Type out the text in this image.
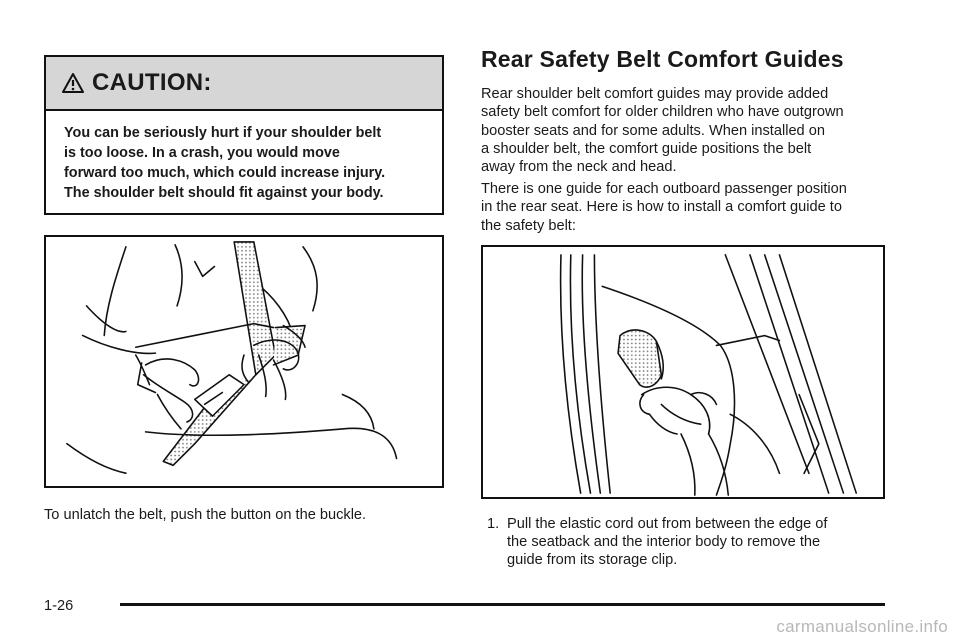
CAUTION:
You can be seriously hurt if your shoulder belt
is too loose. In a crash, you would move
forward too much, which could increase injury.
The shoulder belt should fit against your body.
To unlatch the belt, push the button on the buckle.
Rear Safety Belt Comfort Guides

Rear shoulder belt comfort guides may provide added
safety belt comfort for older children who have outgrown
booster seats and for some adults. When installed on
a shoulder belt, the comfort guide positions the belt
away from the neck and head.

There is one guide for each outboard passenger position
in the rear seat. Here is how to install a comfort guide to
the safety belt:

1. Pull the elastic cord out from between the edge of
the seatback and the interior body to remove the
guide from its storage clip.
1-26
carmanualsonline.info
